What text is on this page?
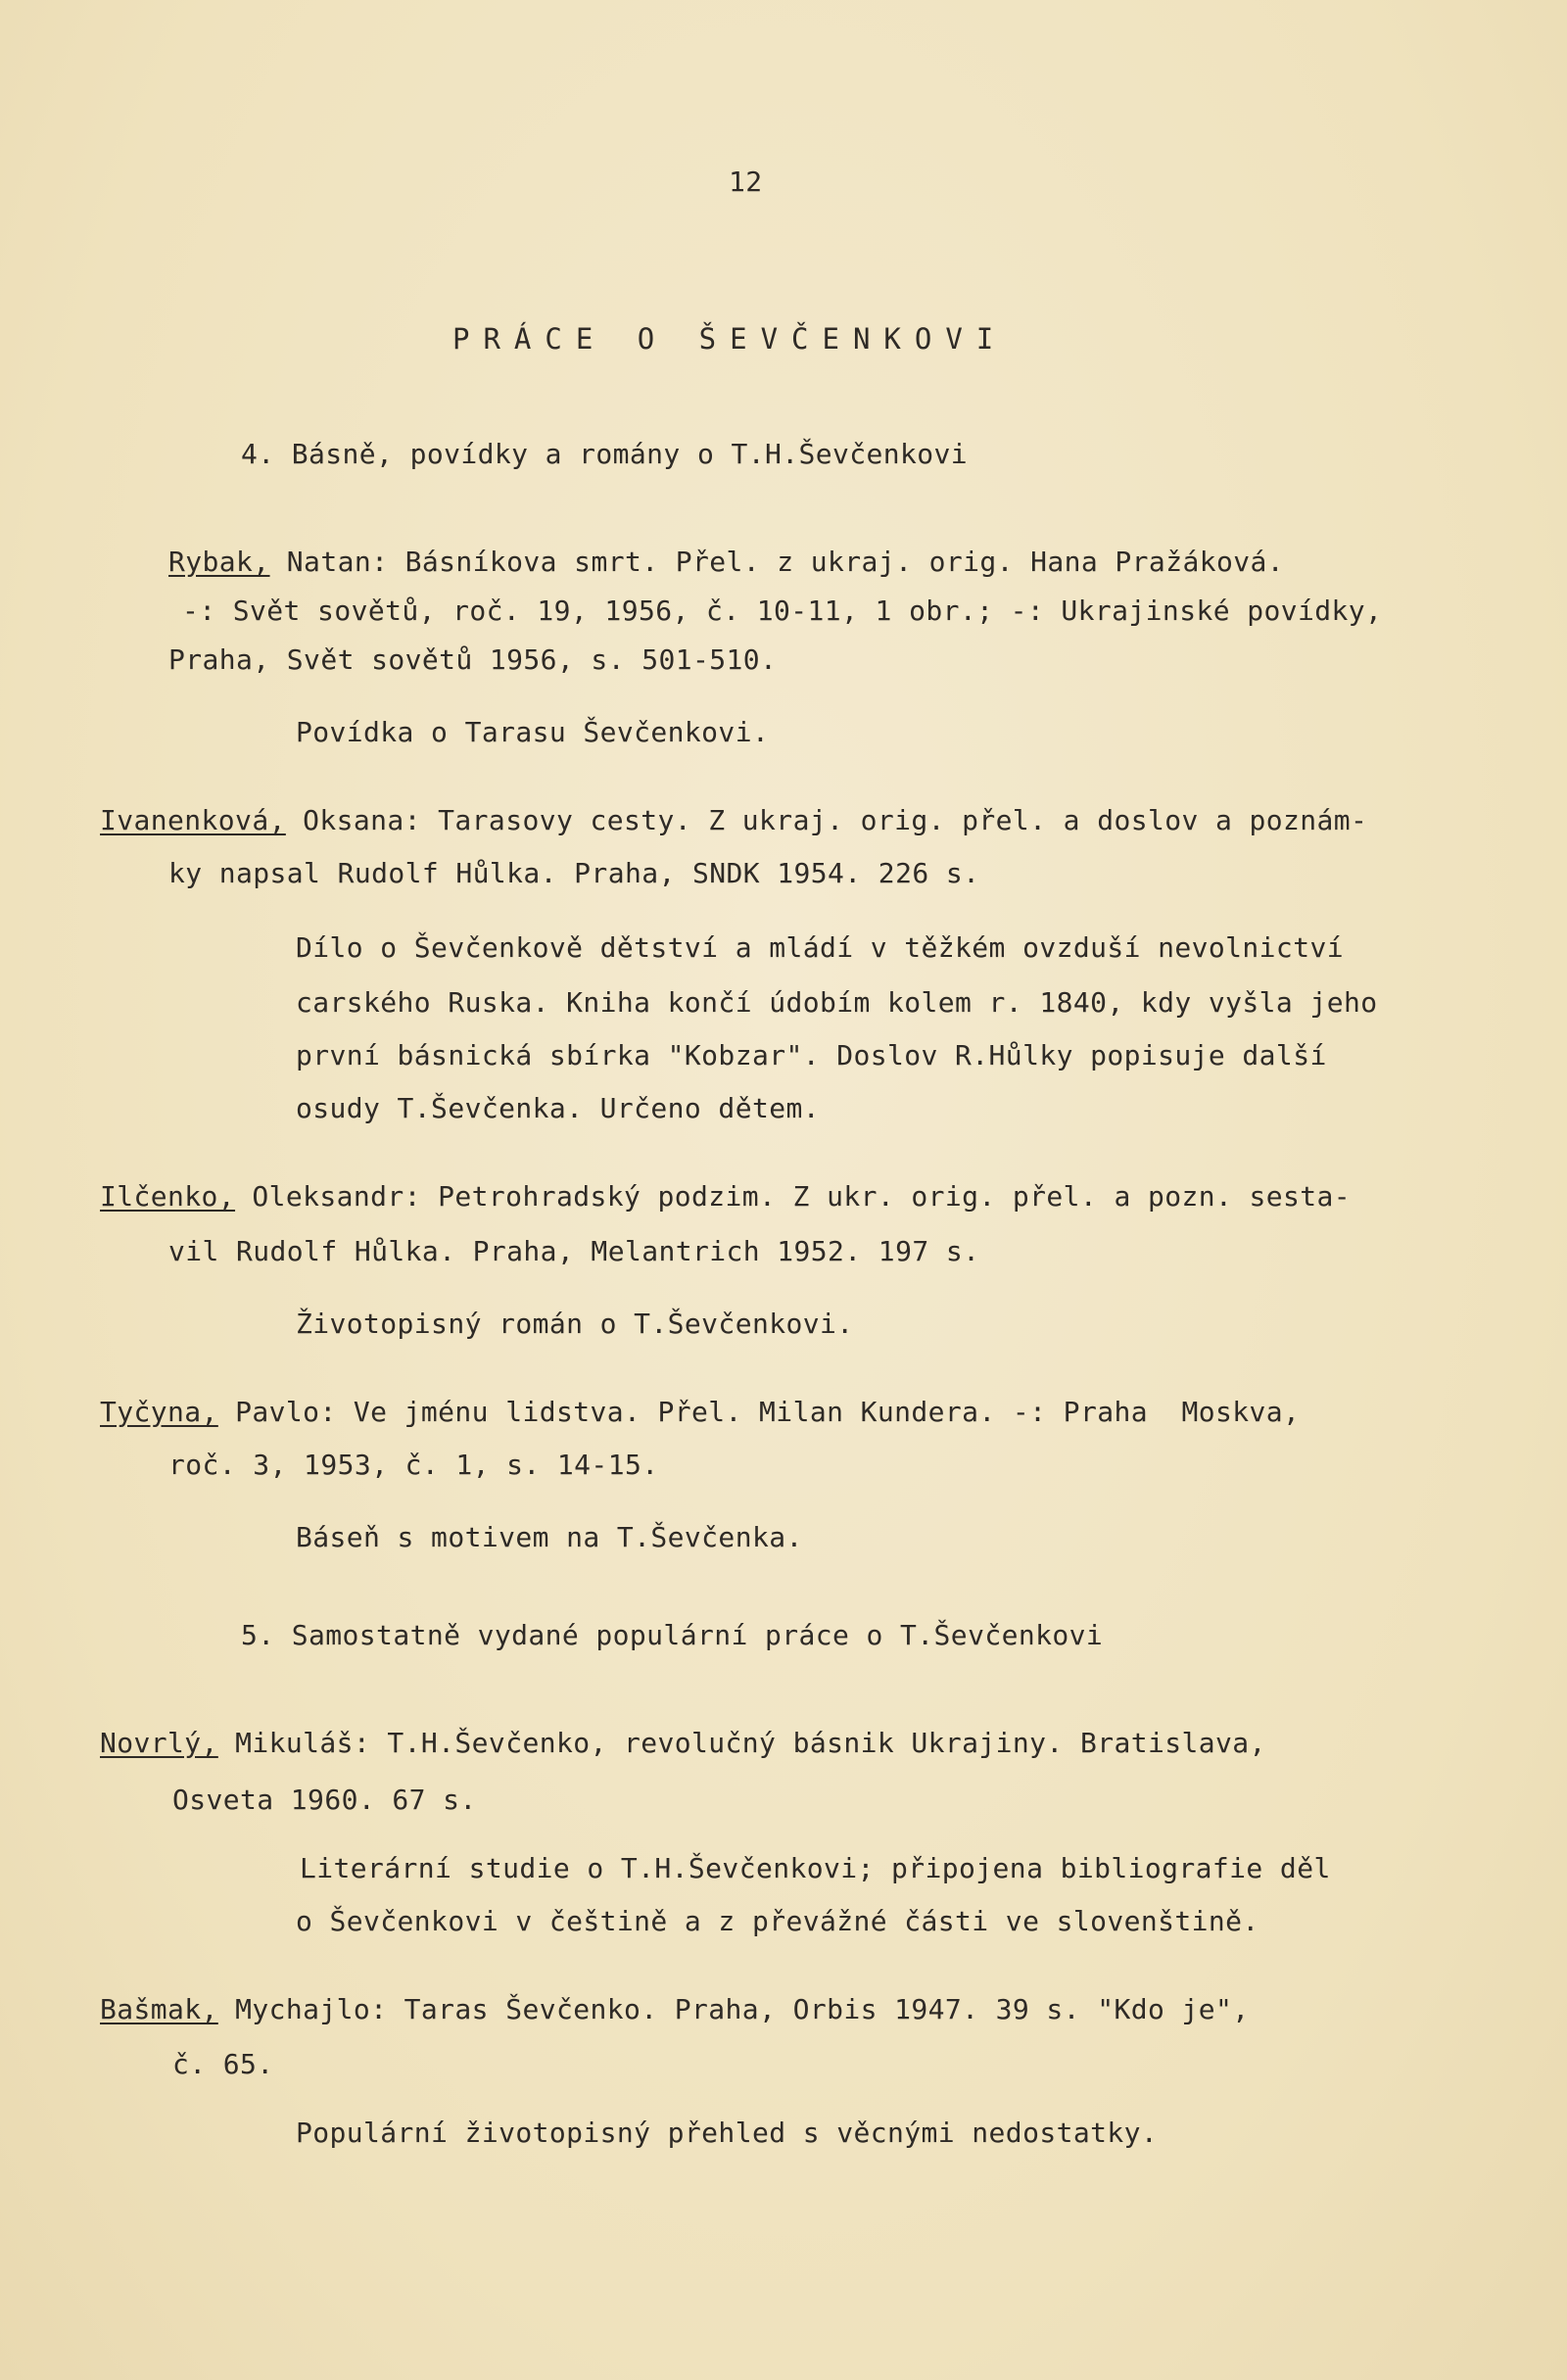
12
PRÁCE O ŠEVČENKOVI
4. Básně, povídky a romány o T.H.Ševčenkovi
Rybak, Natan: Básníkova smrt. Přel. z ukraj. orig. Hana Pražáková.
-: Svět sovětů, roč. 19, 1956, č. 10-11, 1 obr.; -: Ukrajinské povídky,
Praha, Svět sovětů 1956, s. 501-510.
Povídka o Tarasu Ševčenkovi.
Ivanenková, Oksana: Tarasovy cesty. Z ukraj. orig. přel. a doslov a poznám-
ky napsal Rudolf Hůlka. Praha, SNDK 1954. 226 s.
Dílo o Ševčenkově dětství a mládí v těžkém ovzduší nevolnictví
carského Ruska. Kniha končí údobím kolem r. 1840, kdy vyšla jeho
první básnická sbírka "Kobzar". Doslov R.Hůlky popisuje další
osudy T.Ševčenka. Určeno dětem.
Ilčenko, Oleksandr: Petrohradský podzim. Z ukr. orig. přel. a pozn. sesta-
vil Rudolf Hůlka. Praha, Melantrich 1952. 197 s.
Životopisný román o T.Ševčenkovi.
Tyčyna, Pavlo: Ve jménu lidstva. Přel. Milan Kundera. -: Praha  Moskva,
roč. 3, 1953, č. 1, s. 14-15.
Báseň s motivem na T.Ševčenka.
5. Samostatně vydané populární práce o T.Ševčenkovi
Novrlý, Mikuláš: T.H.Ševčenko, revolučný básnik Ukrajiny. Bratislava,
Osveta 1960. 67 s.
Literární studie o T.H.Ševčenkovi; připojena bibliografie děl
o Ševčenkovi v češtině a z převážné části ve slovenštině.
Bašmak, Mychajlo: Taras Ševčenko. Praha, Orbis 1947. 39 s. "Kdo je",
č. 65.
Populární životopisný přehled s věcnými nedostatky.
